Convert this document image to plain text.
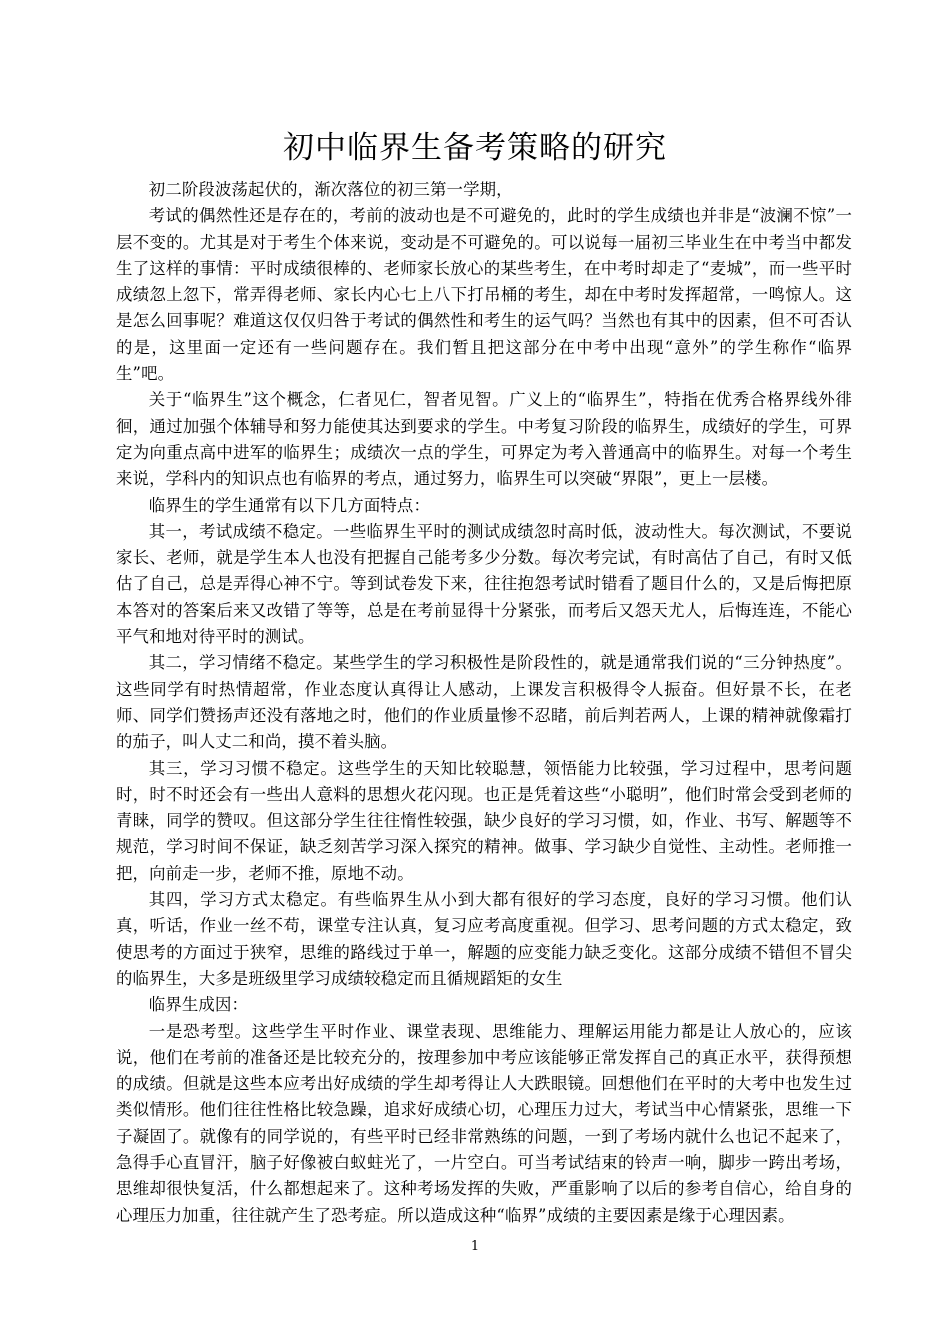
初中临界生备考策略的研究

初二阶段波荡起伏的，渐次落位的初三第一学期，

考试的偶然性还是存在的，考前的波动也是不可避免的，此时的学生成绩也并非是“波澜不惊”一层不变的。尤其是对于考生个体来说，变动是不可避免的。可以说每一届初三毕业生在中考当中都发生了这样的事情：平时成绩很棒的、老师家长放心的某些考生，在中考时却走了“麦城”，而一些平时成绩忽上忽下，常弄得老师、家长内心七上八下打吊桶的考生，却在中考时发挥超常，一鸣惊人。这是怎么回事呢？难道这仅仅归咎于考试的偶然性和考生的运气吗？当然也有其中的因素，但不可否认的是，这里面一定还有一些问题存在。我们暂且把这部分在中考中出现“意外”的学生称作“临界生”吧。

关于“临界生”这个概念，仁者见仁，智者见智。广义上的“临界生”，特指在优秀合格界线外徘徊，通过加强个体辅导和努力能使其达到要求的学生。中考复习阶段的临界生，成绩好的学生，可界定为向重点高中进军的临界生；成绩次一点的学生，可界定为考入普通高中的临界生。对每一个考生来说，学科内的知识点也有临界的考点，通过努力，临界生可以突破“界限”，更上一层楼。

临界生的学生通常有以下几方面特点：

其一，考试成绩不稳定。一些临界生平时的测试成绩忽时高时低，波动性大。每次测试，不要说家长、老师，就是学生本人也没有把握自己能考多少分数。每次考完试，有时高估了自己，有时又低估了自己，总是弄得心神不宁。等到试卷发下来，往往抱怨考试时错看了题目什么的，又是后悔把原本答对的答案后来又改错了等等，总是在考前显得十分紧张，而考后又怨天尤人，后悔连连，不能心平气和地对待平时的测试。

其二，学习情绪不稳定。某些学生的学习积极性是阶段性的，就是通常我们说的“三分钟热度”。这些同学有时热情超常，作业态度认真得让人感动，上课发言积极得令人振奋。但好景不长，在老师、同学们赞扬声还没有落地之时，他们的作业质量惨不忍睹，前后判若两人，上课的精神就像霜打的茄子，叫人丈二和尚，摸不着头脑。

其三，学习习惯不稳定。这些学生的天知比较聪慧，领悟能力比较强，学习过程中，思考问题时，时不时还会有一些出人意料的思想火花闪现。也正是凭着这些“小聪明”，他们时常会受到老师的青睐，同学的赞叹。但这部分学生往往惰性较强，缺少良好的学习习惯，如，作业、书写、解题等不规范，学习时间不保证，缺乏刻苦学习深入探究的精神。做事、学习缺少自觉性、主动性。老师推一把，向前走一步，老师不推，原地不动。

其四，学习方式太稳定。有些临界生从小到大都有很好的学习态度，良好的学习习惯。他们认真，听话，作业一丝不苟，课堂专注认真，复习应考高度重视。但学习、思考问题的方式太稳定，致使思考的方面过于狭窄，思维的路线过于单一，解题的应变能力缺乏变化。这部分成绩不错但不冒尖的临界生，大多是班级里学习成绩较稳定而且循规蹈矩的女生

临界生成因：

一是恐考型。这些学生平时作业、课堂表现、思维能力、理解运用能力都是让人放心的，应该说，他们在考前的准备还是比较充分的，按理参加中考应该能够正常发挥自己的真正水平，获得预想的成绩。但就是这些本应考出好成绩的学生却考得让人大跌眼镜。回想他们在平时的大考中也发生过类似情形。他们往往性格比较急躁，追求好成绩心切，心理压力过大，考试当中心情紧张，思维一下子凝固了。就像有的同学说的，有些平时已经非常熟练的问题，一到了考场内就什么也记不起来了，急得手心直冒汗，脑子好像被白蚁蛀光了，一片空白。可当考试结束的铃声一响，脚步一跨出考场，思维却很快复活，什么都想起来了。这种考场发挥的失败，严重影响了以后的参考自信心，给自身的心理压力加重，往往就产生了恐考症。所以造成这种“临界”成绩的主要因素是缘于心理因素。

1
